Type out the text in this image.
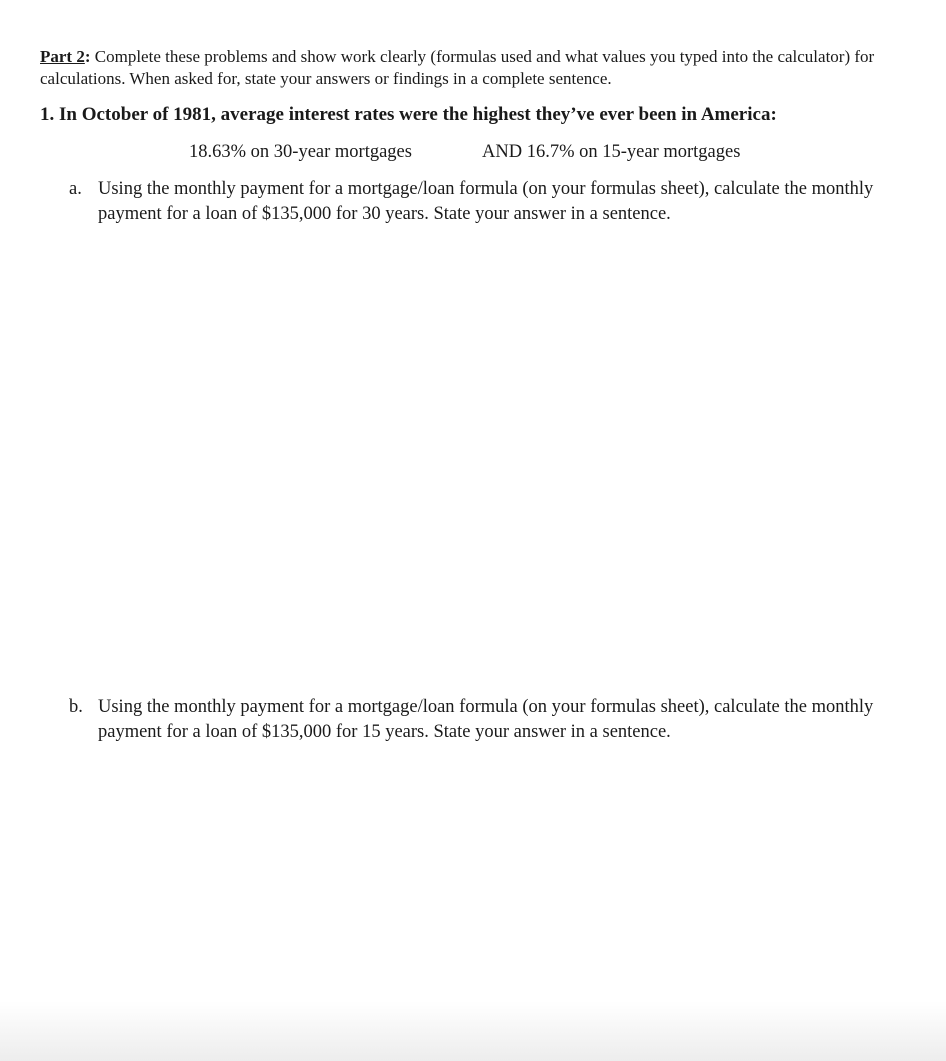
Part 2: Complete these problems and show work clearly (formulas used and what values you typed into the calculator) for calculations. When asked for, state your answers or findings in a complete sentence.
1. In October of 1981, average interest rates were the highest they’ve ever been in America:
18.63% on 30-year mortgages	AND 16.7% on 15-year mortgages
a. Using the monthly payment for a mortgage/loan formula (on your formulas sheet), calculate the monthly payment for a loan of $135,000 for 30 years. State your answer in a sentence.
b. Using the monthly payment for a mortgage/loan formula (on your formulas sheet), calculate the monthly payment for a loan of $135,000 for 15 years. State your answer in a sentence.
